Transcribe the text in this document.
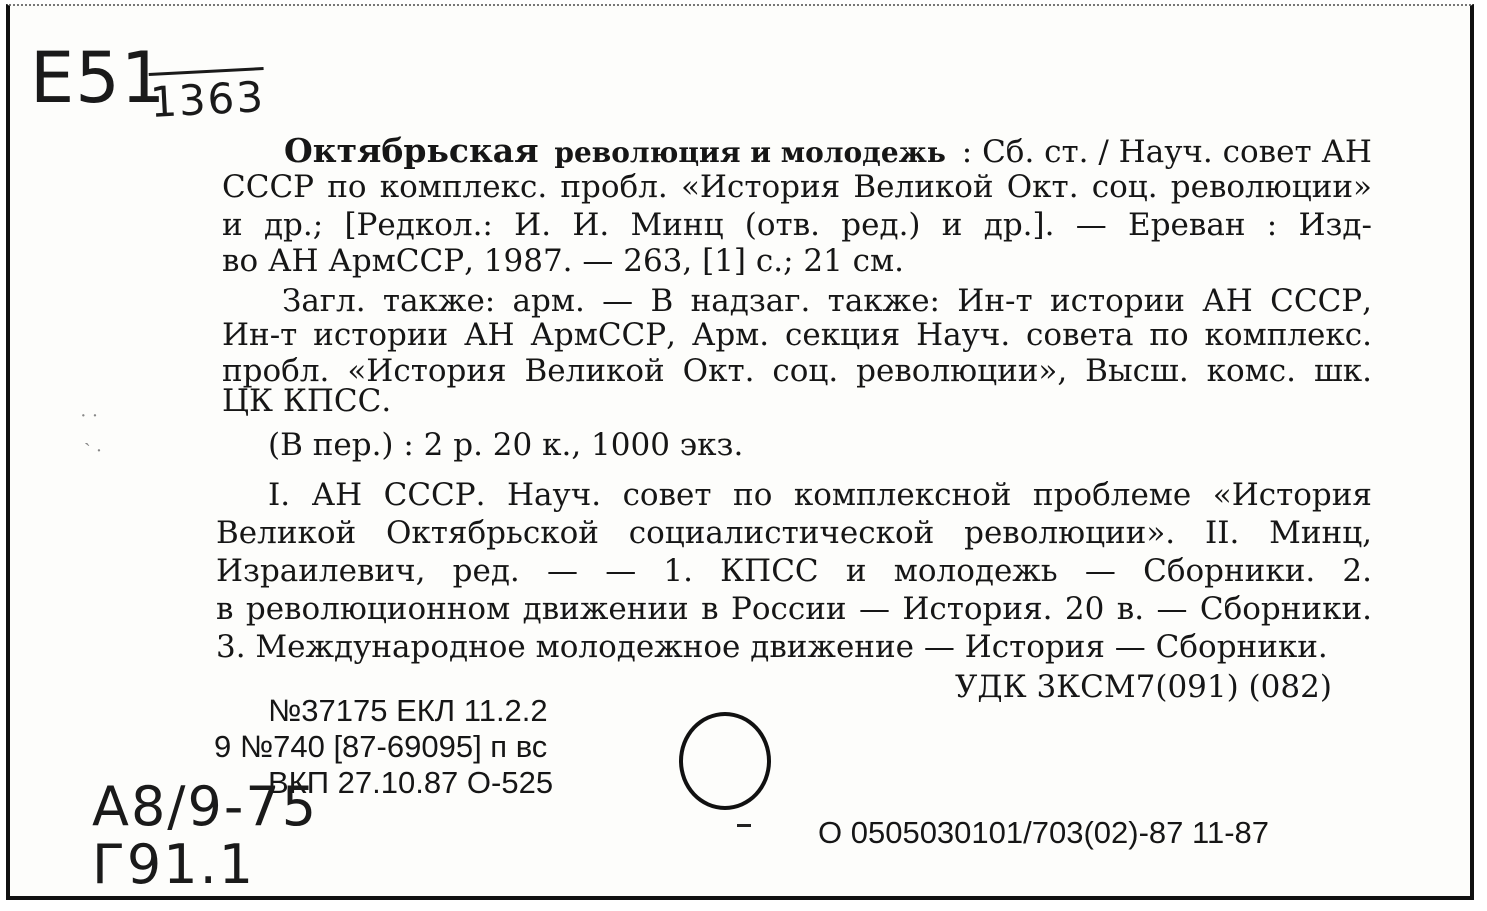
E51
1363
Октябрьская революция и молодежь : Сб. ст. / Науч. совет АН
СССР по комплекс. пробл. «История Великой Окт. соц. революции»
и др.; [Редкол.: И. И. Минц (отв. ред.) и др.]. — Ереван : Изд-
во АН АрмССР, 1987. — 263, [1] с.; 21 см.
Загл. также: арм. — В надзаг. также: Ин-т истории АН СССР,
Ин-т истории АН АрмССР, Арм. секция Науч. совета по комплекс.
пробл. «История Великой Окт. соц. революции», Высш. комс. шк.
ЦК КПСС.
(В пер.) : 2 р. 20 к., 1000 экз.
· ·
ˋ ·
I. АН СССР. Науч. совет по комплексной проблеме «История
Великой Октябрьской социалистической революции». II. Минц,
Израилевич, ред. — — 1. КПСС и молодежь — Сборники. 2.
в революционном движении в России — История. 20 в. — Сборники.
3. Международное молодежное движение — История — Сборники.
УДК 3КСМ7(091) (082)
№37175 ЕКЛ 11.2.2
9 №740 [87-69095] п вс
ВКП 27.10.87 О-525
О 0505030101/703(02)-87 11-87
А8/9-75
Г91.1
